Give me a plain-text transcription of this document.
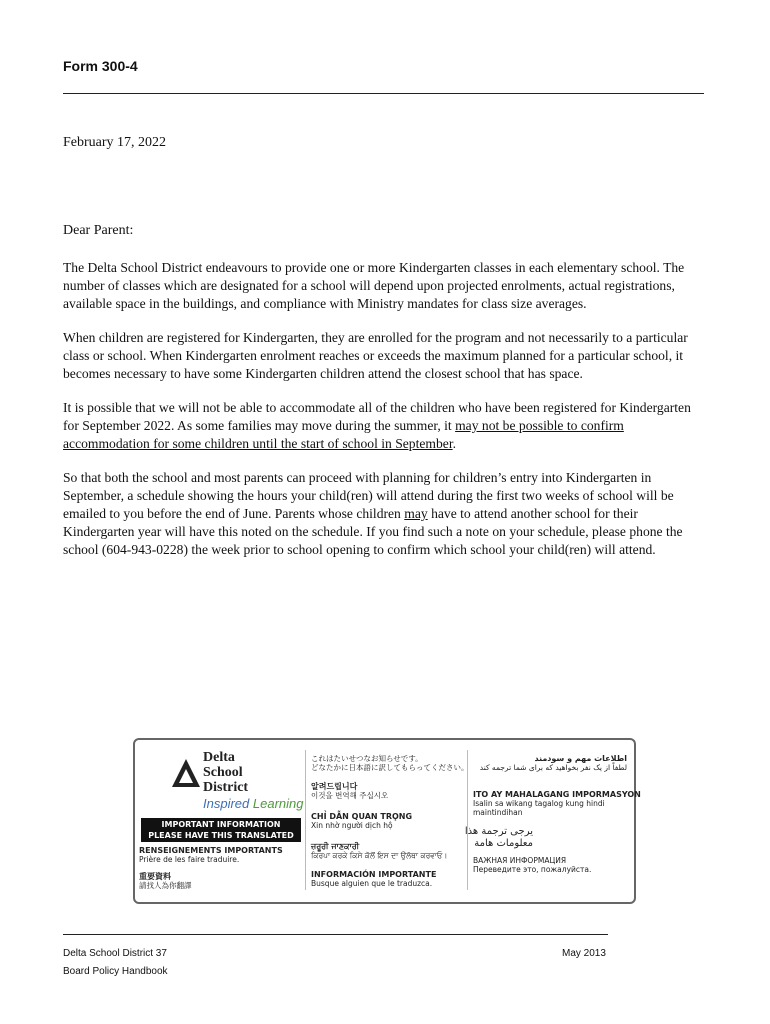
Form 300-4
February 17, 2022
Dear Parent:

The Delta School District endeavours to provide one or more Kindergarten classes in each elementary school. The number of classes which are designated for a school will depend upon projected enrolments, actual registrations, available space in the buildings, and compliance with Ministry mandates for class size averages.

When children are registered for Kindergarten, they are enrolled for the program and not necessarily to a particular class or school. When Kindergarten enrolment reaches or exceeds the maximum planned for a particular school, it becomes necessary to have some Kindergarten children attend the closest school that has space.

It is possible that we will not be able to accommodate all of the children who have been registered for Kindergarten for September 2022. As some families may move during the summer, it may not be possible to confirm accommodation for some children until the start of school in September.

So that both the school and most parents can proceed with planning for children’s entry into Kindergarten in September, a schedule showing the hours your child(ren) will attend during the first two weeks of school will be emailed to you before the end of June. Parents whose children may have to attend another school for their Kindergarten year will have this noted on the schedule. If you find such a note on your schedule, please phone the school (604-943-0228) the week prior to school opening to confirm which school your child(ren) will attend.

Delta
School
District
Inspired Learning
IMPORTANT INFORMATION
PLEASE HAVE THIS TRANSLATED
RENSEIGNEMENTS IMPORTANTS
Prière de les faire traduire.
重要資料
請找人為你翻譯
これはたいせつなお知らせです。
どなたかに日本語に訳してもらってください。
알려드립니다
이것을 번역해 주십시오
CHỈ DẪN QUAN TRỌNG
Xin nhờ người dịch hộ
ਜ਼ਰੂਰੀ ਜਾਣਕਾਰੀ
ਕਿਰਪਾ ਕਰਕੇ ਕਿਸੇ ਕੋਲੋਂ ਇਸ ਦਾ ਉਲੱਥਾ ਕਰਵਾਓ।
INFORMACIÓN IMPORTANTE
Busque alguien que le traduzca.
اطلاعات مهم و سودمند
لطفاً از یک نفر بخواهید که برای شما ترجمه کند
ITO AY MAHALAGANG IMPORMASYON
Isalin sa wikang tagalog kung hindi
maintindihan
يرجى ترجمة هذا
معلومات هامة
ВАЖНАЯ ИНФОРМАЦИЯ
Переведите это, пожалуйста.
Delta School District 37
Board Policy Handbook
May 2013
